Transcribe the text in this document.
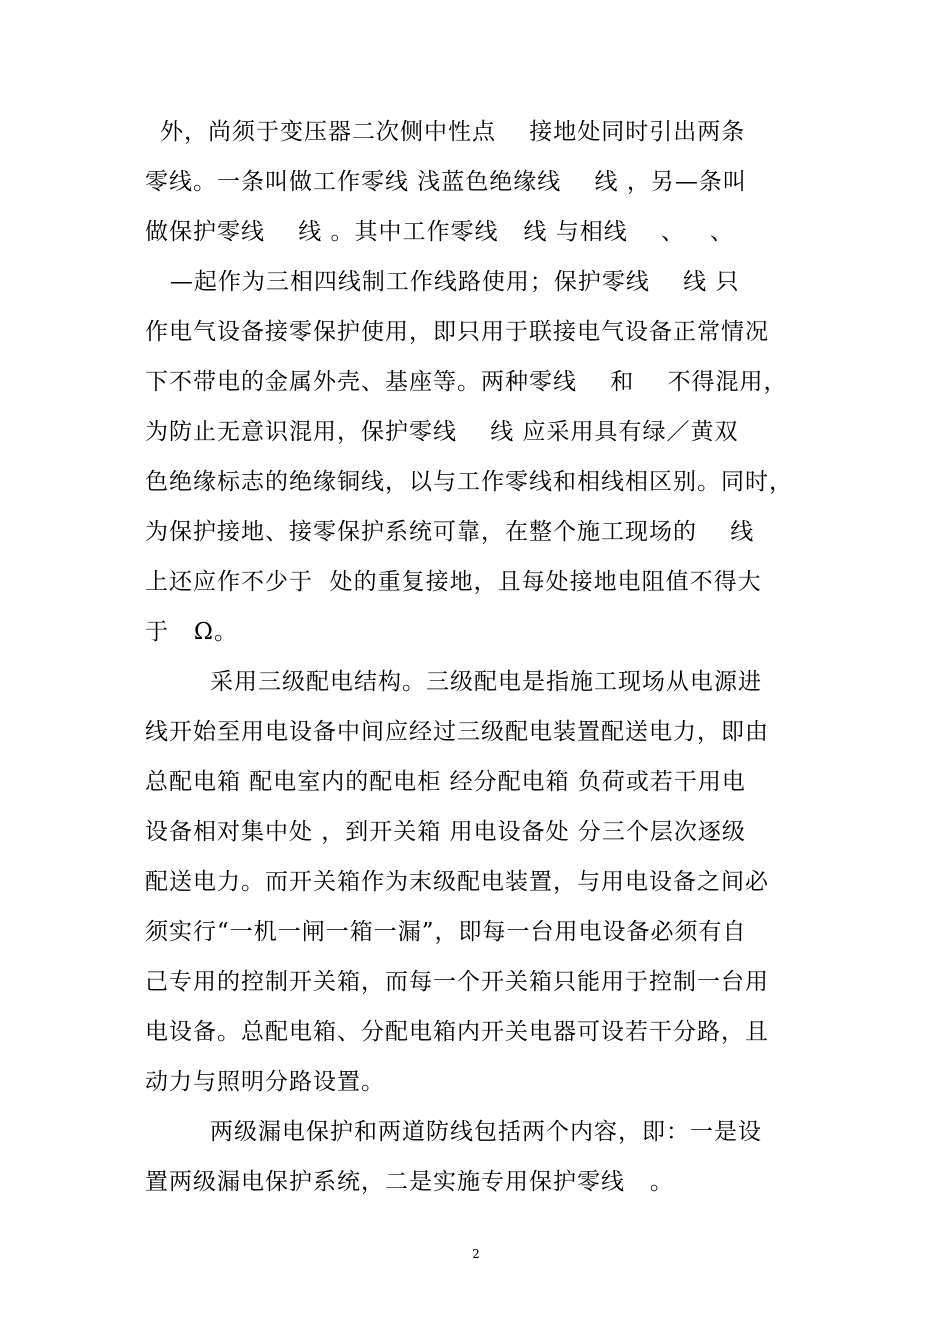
外，尚须于变压器二次侧中性点    接地处同时引出两条
零线。一条叫做工作零线 浅蓝色绝缘线    线 ，另—条叫
做保护零线    线 。其中工作零线   线 与相线    、   、
—起作为三相四线制工作线路使用；保护零线    线 只
作电气设备接零保护使用，即只用于联接电气设备正常情况
下不带电的金属外壳、基座等。两种零线    和    不得混用，
为防止无意识混用，保护零线    线 应采用具有绿／黄双
色绝缘标志的绝缘铜线，以与工作零线和相线相区别。同时，
为保护接地、接零保护系统可靠，在整个施工现场的    线
上还应作不少于  处的重复接地，且每处接地电阻值不得大
于   Ω。
采用三级配电结构。三级配电是指施工现场从电源进
线开始至用电设备中间应经过三级配电装置配送电力，即由
总配电箱 配电室内的配电柜 经分配电箱 负荷或若干用电
设备相对集中处 ，到开关箱 用电设备处 分三个层次逐级
配送电力。而开关箱作为末级配电装置，与用电设备之间必
须实行“一机一闸一箱一漏”，即每一台用电设备必须有自
己专用的控制开关箱，而每一个开关箱只能用于控制一台用
电设备。总配电箱、分配电箱内开关电器可设若干分路，且
动力与照明分路设置。
两级漏电保护和两道防线包括两个内容，即：一是设
置两级漏电保护系统，二是实施专用保护零线   。
2
